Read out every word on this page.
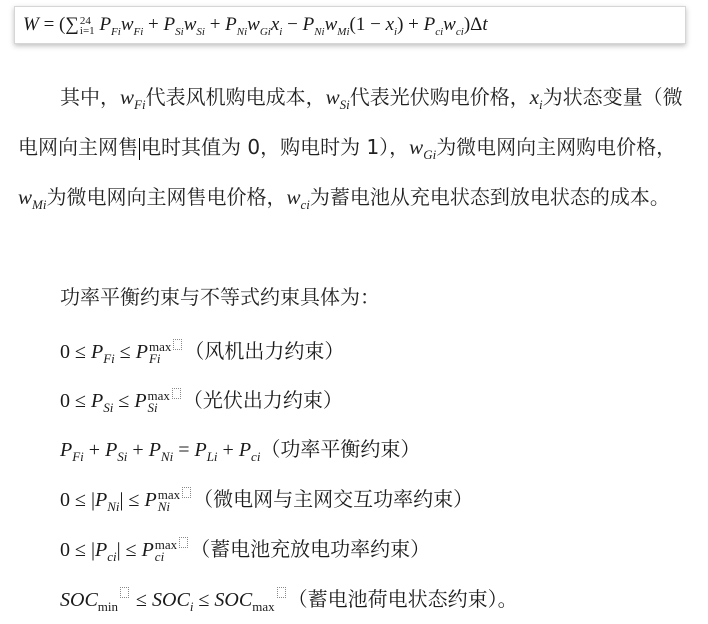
W = (∑ 24
i=1 $P_{Fi}w_{Fi} + P_{Si}w_{Si} + P_{Ni}w_{Gi}x_i - P_{Ni}w_{Mi}(1 - x_i) + P_{ci}w_{ci})\Delta t$
其中，$w_{Fi}$代表风机购电成本，$w_{Si}$代表光伏购电价格，$x_i$为状态变量（微电网向主网售 电时其值为 0，购电时为 1），$w_{Gi}$为微电网向主网购电价格，$w_{Mi}$为微电网向主网售电价格，$w_{ci}$为蓄电池从充电状态到放电状态的成本。
功率平衡约束与不等式约束具体为：
$0 \le P_{Fi} \le P$ max
Fi	（风机出力约束）
$0 \le P_{Si} \le P$ max
Si	（光伏出力约束）
$P_{Fi} + P_{Si} + P_{Ni} = P_{Li} + P_{ci}$（功率平衡约束）
$0 \le |P_{Ni}| \le P$ max
Ni	（微电网与主网交互功率约束）
$0 \le |P_{ci}| \le P$ max
ci	（蓄电池充放电功率约束）
$SOC_{min} \le SOC_i \le SOC_{max}$ （蓄电池荷电状态约束）。
